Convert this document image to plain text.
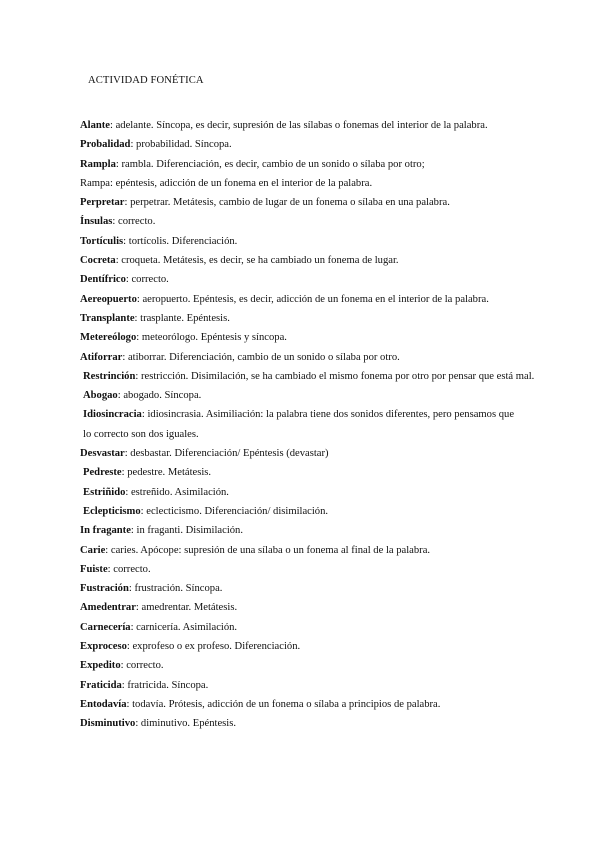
ACTIVIDAD FONÉTICA
Alante: adelante. Síncopa, es decir, supresión de las sílabas o fonemas del interior de la palabra.
Probalidad: probabilidad. Síncopa.
Rampla: rambla. Diferenciación, es decir, cambio de un sonido o sílaba por otro;
Rampa: epéntesis, adicción de un fonema en el interior de la palabra.
Perpretar: perpetrar. Metátesis, cambio de lugar de un fonema o sílaba en una palabra.
Ínsulas: correcto.
Tortículis: tortícolis. Diferenciación.
Cocreta: croqueta. Metátesis, es decir, se ha cambiado un fonema de lugar.
Dentífrico: correcto.
Aereopuerto: aeropuerto. Epéntesis, es decir, adicción de un fonema en el interior de la palabra.
Transplante: trasplante. Epéntesis.
Metereólogo: meteorólogo. Epéntesis y síncopa.
Atiforrar: atiborrar. Diferenciación, cambio de un sonido o sílaba por otro.
Restrinción: restricción. Disimilación, se ha cambiado el mismo fonema por otro por pensar que está mal.
Abogao: abogado. Síncopa.
Idiosincracia: idiosincrasia. Asimiliación: la palabra tiene dos sonidos diferentes, pero pensamos que lo correcto son dos iguales.
Desvastar: desbastar. Diferenciación/ Epéntesis (devastar)
Pedreste: pedestre. Metátesis.
Estriñido: estreñido. Asimilación.
Eclepticismo: eclecticismo. Diferenciación/ disimilación.
In fragante: in fraganti. Disimilación.
Carie: caries. Apócope: supresión de una sílaba o un fonema al final de la palabra.
Fuiste: correcto.
Fustración: frustración. Síncopa.
Amedentrar: amedrentar. Metátesis.
Carnecería: carnicería. Asimilación.
Exproceso: exprofeso o ex profeso. Diferenciación.
Expedito: correcto.
Fraticida: fratricida. Síncopa.
Entodavía: todavía. Prótesis, adicción de un fonema o sílaba a principios de palabra.
Disminutivo: diminutivo. Epéntesis.
